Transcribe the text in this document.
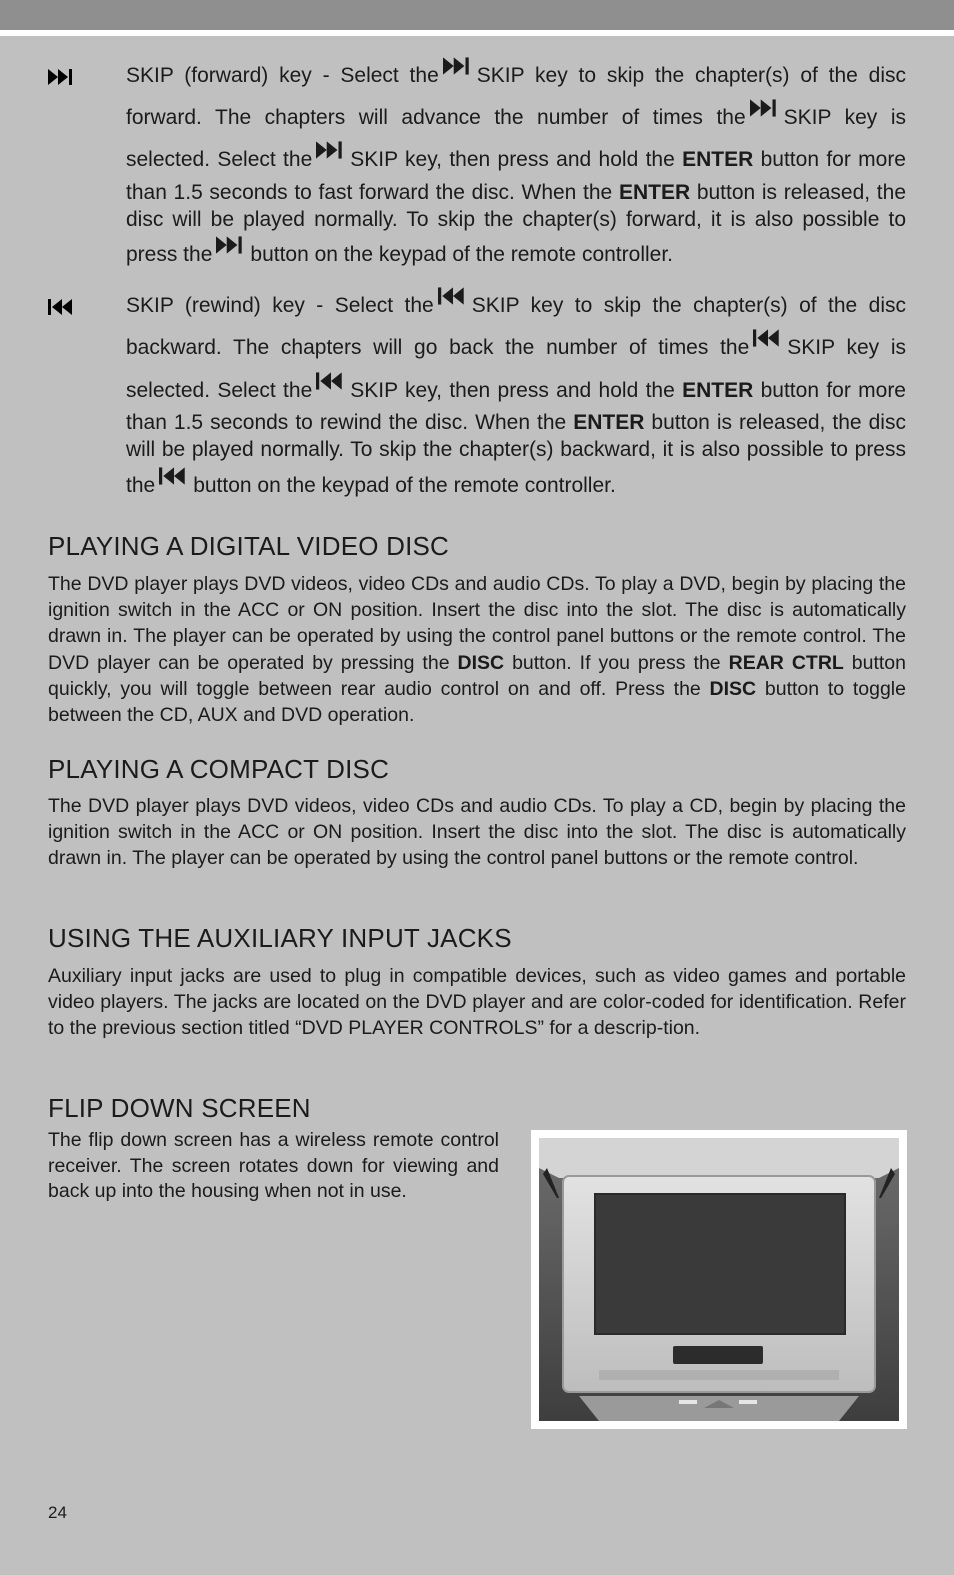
SKIP (forward) key - Select the SKIP key to skip the chapter(s) of the disc
forward. The chapters will advance the number of times the SKIP key is
selected. Select the SKIP key, then press and hold the ENTER button for more
than 1.5 seconds to fast forward the disc. When the ENTER button is released, the
disc will be played normally. To skip the chapter(s) forward, it is also possible to
press the button on the keypad of the remote controller.
SKIP (rewind) key - Select the SKIP key to skip the chapter(s) of the disc
backward. The chapters will go back the number of times the SKIP key is
selected. Select the SKIP key, then press and hold the ENTER button for more
than 1.5 seconds to rewind the disc. When the ENTER button is released, the disc
will be played normally. To skip the chapter(s) backward, it is also possible to press
the button on the keypad of the remote controller.
PLAYING A DIGITAL VIDEO DISC

The DVD player plays DVD videos, video CDs and audio CDs. To play a DVD, begin by placing the ignition switch in the ACC or ON position. Insert the disc into the slot. The disc is automatically drawn in. The player can be operated by using the control panel buttons or the remote control. The DVD player can be operated by pressing the DISC button. If you press the REAR CTRL button quickly, you will toggle between rear audio control on and off. Press the DISC button to toggle between the CD, AUX and DVD operation.

PLAYING A COMPACT DISC

The DVD player plays DVD videos, video CDs and audio CDs. To play a CD, begin by placing the ignition switch in the ACC or ON position. Insert the disc into the slot. The disc is automatically drawn in. The player can be operated by using the control panel buttons or the remote control.

USING THE AUXILIARY INPUT JACKS

Auxiliary input jacks are used to plug in compatible devices, such as video games and portable video players. The jacks are located on the DVD player and are color-coded for identification. Refer to the previous section titled “DVD PLAYER CONTROLS” for a descrip-tion.

FLIP DOWN SCREEN

The flip down screen has a wireless remote control receiver. The screen rotates down for viewing and back up into the housing when not in use.

24
